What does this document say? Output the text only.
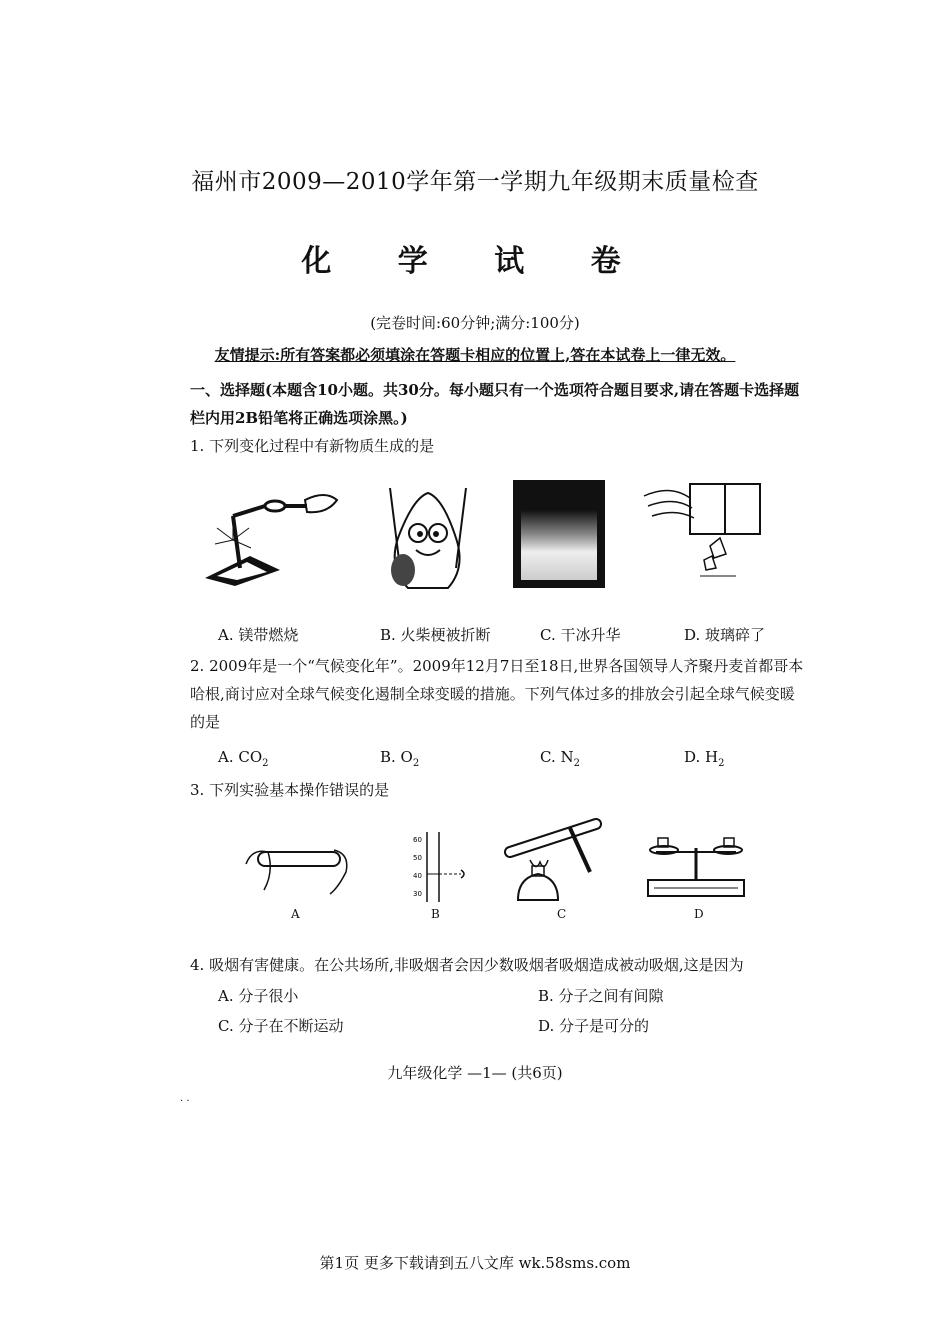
福州市2009—2010学年第一学期九年级期末质量检查
化 学 试 卷
(完卷时间:60分钟;满分:100分)
友情提示:所有答案都必须填涂在答题卡相应的位置上,答在本试卷上一律无效。
一、选择题(本题含10小题。共30分。每小题只有一个选项符合题目要求,请在答题卡选择题栏内用2B铅笔将正确选项涂黑。)
1. 下列变化过程中有新物质生成的是
A. 镁带燃烧	B. 火柴梗被折断	C. 干冰升华	D. 玻璃碎了
2. 2009年是一个“气候变化年”。2009年12月7日至18日,世界各国领导人齐聚丹麦首都哥本哈根,商讨应对全球气候变化遏制全球变暖的措施。下列气体过多的排放会引起全球气候变暖的是
A. $CO_2$	B. $O_2$	C. $N_2$	D. $H_2$
3. 下列实验基本操作错误的是
60
50
40
30
A	B	C	D
4. 吸烟有害健康。在公共场所,非吸烟者会因少数吸烟者吸烟造成被动吸烟,这是因为
A. 分子很小	B. 分子之间有间隙
C. 分子在不断运动	D. 分子是可分的
九年级化学 —1— (共6页)
· ·
第1页 更多下载请到五八文库 wk.58sms.com
